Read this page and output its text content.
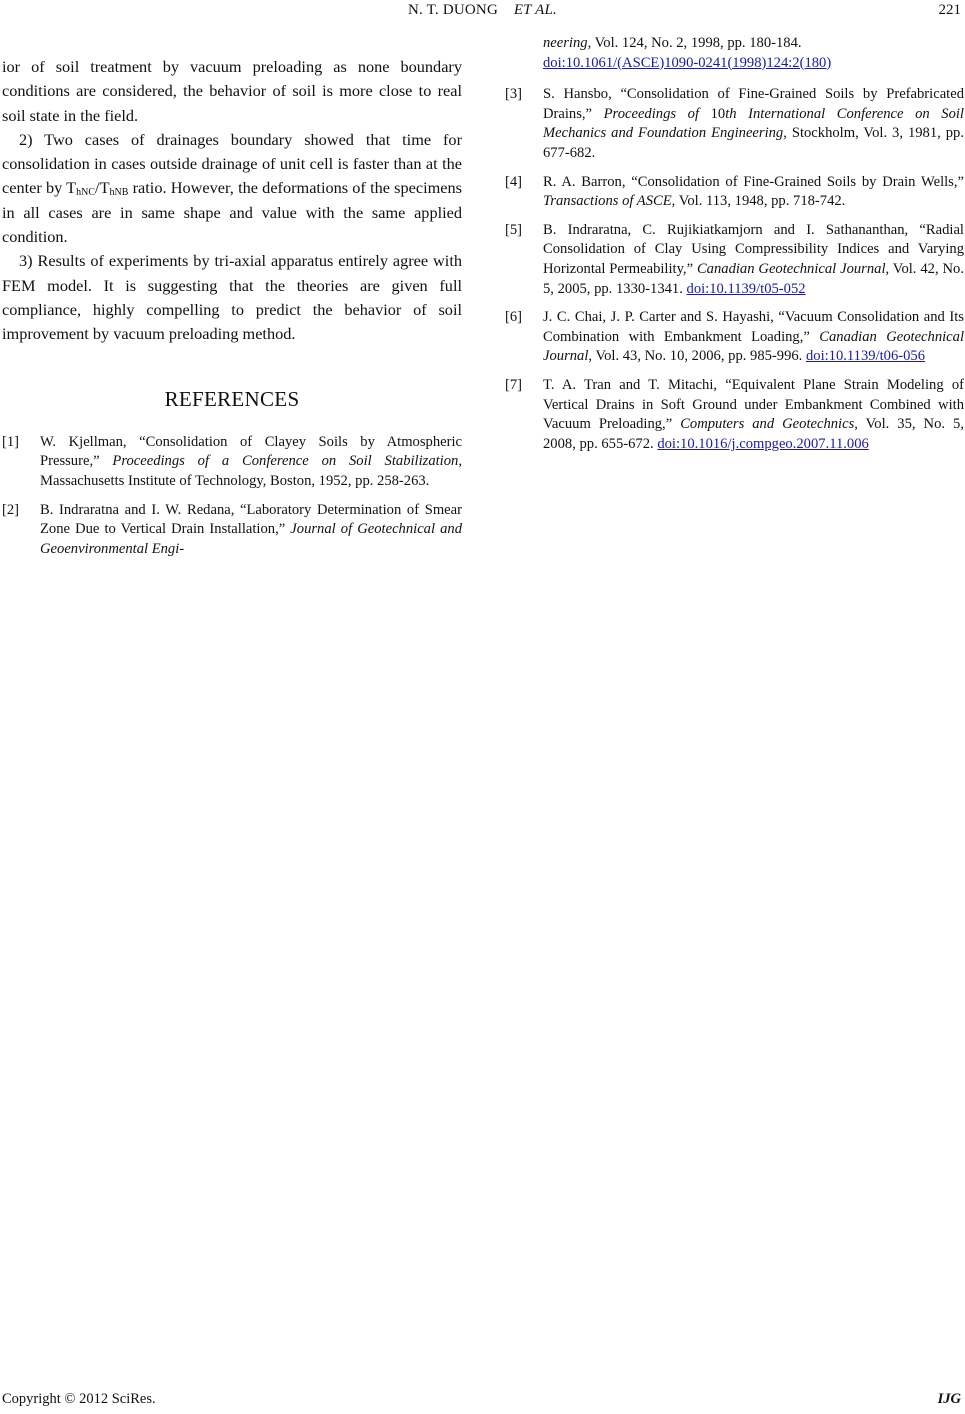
N. T. DUONG ET AL.	221

ior of soil treatment by vacuum preloading as none boundary conditions are considered, the behavior of soil is more close to real soil state in the field.

2) Two cases of drainages boundary showed that time for consolidation in cases outside drainage of unit cell is faster than at the center by $T_{hNC}/T_{hNB}$ ratio. However, the deformations of the specimens in all cases are in same shape and value with the same applied condition.

3) Results of experiments by tri-axial apparatus entirely agree with FEM model. It is suggesting that the theories are given full compliance, highly compelling to predict the behavior of soil improvement by vacuum preloading method.

REFERENCES
[1] W. Kjellman, “Consolidation of Clayey Soils by Atmospheric Pressure,” Proceedings of a Conference on Soil Stabilization, Massachusetts Institute of Technology, Boston, 1952, pp. 258-263.
[2] B. Indraratna and I. W. Redana, “Laboratory Determination of Smear Zone Due to Vertical Drain Installation,” Journal of Geotechnical and Geoenvironmental Engi-
neering, Vol. 124, No. 2, 1998, pp. 180-184.
doi:10.1061/(ASCE)1090-0241(1998)124:2(180)
[3] S. Hansbo, “Consolidation of Fine-Grained Soils by Prefabricated Drains,” Proceedings of 10th International Conference on Soil Mechanics and Foundation Engineering, Stockholm, Vol. 3, 1981, pp. 677-682.
[4] R. A. Barron, “Consolidation of Fine-Grained Soils by Drain Wells,” Transactions of ASCE, Vol. 113, 1948, pp. 718-742.
[5] B. Indraratna, C. Rujikiatkamjorn and I. Sathananthan, “Radial Consolidation of Clay Using Compressibility Indices and Varying Horizontal Permeability,” Canadian Geotechnical Journal, Vol. 42, No. 5, 2005, pp. 1330-1341. doi:10.1139/t05-052
[6] J. C. Chai, J. P. Carter and S. Hayashi, “Vacuum Consolidation and Its Combination with Embankment Loading,” Canadian Geotechnical Journal, Vol. 43, No. 10, 2006, pp. 985-996. doi:10.1139/t06-056
[7] T. A. Tran and T. Mitachi, “Equivalent Plane Strain Modeling of Vertical Drains in Soft Ground under Embankment Combined with Vacuum Preloading,” Computers and Geotechnics, Vol. 35, No. 5, 2008, pp. 655-672. doi:10.1016/j.compgeo.2007.11.006
Copyright © 2012 SciRes.	IJG
